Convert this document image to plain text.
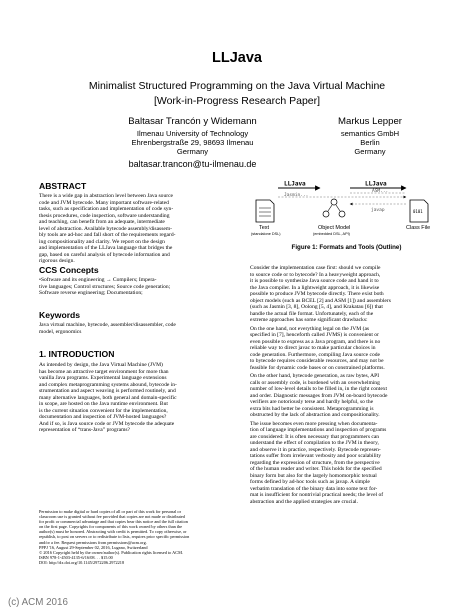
LLJava
Minimalist Structured Programming on the Java Virtual Machine
[Work-in-Progress Research Paper]
Baltasar Trancón y Widemann
Ilmenau University of Technology
Ehrenbergstraße 29, 98693 Ilmenau
Germany
baltasar.trancon@tu-ilmenau.de
Markus Lepper
semantics GmbH
Berlin
Germany
ABSTRACT
There is a wide gap in abstraction level between Java source
code and JVM bytecode. Many important software-related
tasks, such as specification and implementation of code syn-
thesis procedures, code inspection, software understanding
and teaching, can benefit from an adequate, intermediate
level of abstraction. Available bytecode assembly/disassem-
bly tools are ad-hoc and fall short of the requirements regard-
ing compositionality and clarity. We report on the design
and implementation of the LLJava language that bridges the
gap, based on careful analysis of bytecode information and
rigorous design.
CCS Concepts
•Software and its engineering → Compilers; Impera-
tive languages; Control structures; Source code generation;
Software reverse engineering; Documentation;
Keywords
Java virtual machine, bytecode, assembler/disassembler, code
model, ergonomics
1. INTRODUCTION
As intended by design, the Java Virtual Machine (JVM)
has become an attractive target environment for more than
vanilla Java programs. Experimental language extensions
and complex metaprogramming systems abound, bytecode in-
strumentation and aspect weaving is performed routinely, and
many alternative languages, both general and domain-specific
in scope, are hosted on the Java runtime environment. But
is the current situation convenient for the implementation,
documentation and inspection of JVM-hosted languages?
And if so, is Java source code or JVM bytecode the adequate
representation of “trans-Java” programs?
Permission to make digital or hard copies of all or part of this work for personal or
classroom use is granted without fee provided that copies are not made or distributed
for profit or commercial advantage and that copies bear this notice and the full citation
on the first page. Copyrights for components of this work owned by others than the
author(s) must be honored. Abstracting with credit is permitted. To copy otherwise, or
republish, to post on servers or to redistribute to lists, requires prior specific permission
and/or a fee. Request permissions from permissions@acm.org.
PPPJ '16, August 29-September 02, 2016, Lugano, Switzerland
© 2016 Copyright held by the owner/author(s). Publication rights licensed to ACM.
ISBN 978-1-4503-4135-6/16/08. . . $15.00
DOI: http://dx.doi.org/10.1145/2972206.2972218
0101
LLJava	LLJava
Jasmin...
ASM...
javap
Text
(standalone DSL)
Object Model
(embedded DSL, API)
Class File
Figure 1: Formats and Tools (Outline)
Consider the implementation case first: should we compile
to source code or to bytecode? In a heavyweight approach,
it is possible to synthesize Java source code and hand it to
the Java compiler. In a lightweight approach, it is likewise
possible to produce JVM bytecode directly. There exist both
object models (such as BCEL [2] and ASM [1]) and assemblers
(such as Jasmin [3, 8], Oolong [5, 4], and Krakatau [6]) that
handle the actual file format. Unfortunately, each of the
extreme approaches has some significant drawbacks:
On the one hand, not everything legal on the JVM (as
specified in [7], henceforth called JVMS) is convenient or
even possible to express as a Java program, and there is no
reliable way to direct javac to make particular choices in
code generation. Furthermore, compiling Java source code
to bytecode requires considerable resources, and may not be
feasible for dynamic code bases or on constrained platforms.
On the other hand, bytecode generation, as raw bytes, API
calls or assembly code, is burdened with an overwhelming
number of low-level details to be filled in, in the right context
and order. Diagnostic messages from JVM on-board bytecode
verifiers are notoriously terse and hardly helpful, so the
extra bits had better be consistent. Metaprogramming is
obstructed by the lack of abstraction and compositionality.
The issue becomes even more pressing when documenta-
tion of language implementations and inspection of programs
are considered: It is often necessary that programmers can
understand the effect of compilation to the JVM in theory,
and observe it in practice, respectively. Bytecode represen-
tations suffer from irrelevant verbosity and poor scalability
regarding the expression of structure, from the perspective
of the human reader and writer. This holds for the specified
binary form but also for the largely homomorphic textual
forms defined by ad-hoc tools such as javap. A simple
verbatim translation of the binary data into some text for-
mat is insufficient for nontrivial practical needs; the level of
abstraction and the applied strategies are crucial.
(c) ACM 2016
